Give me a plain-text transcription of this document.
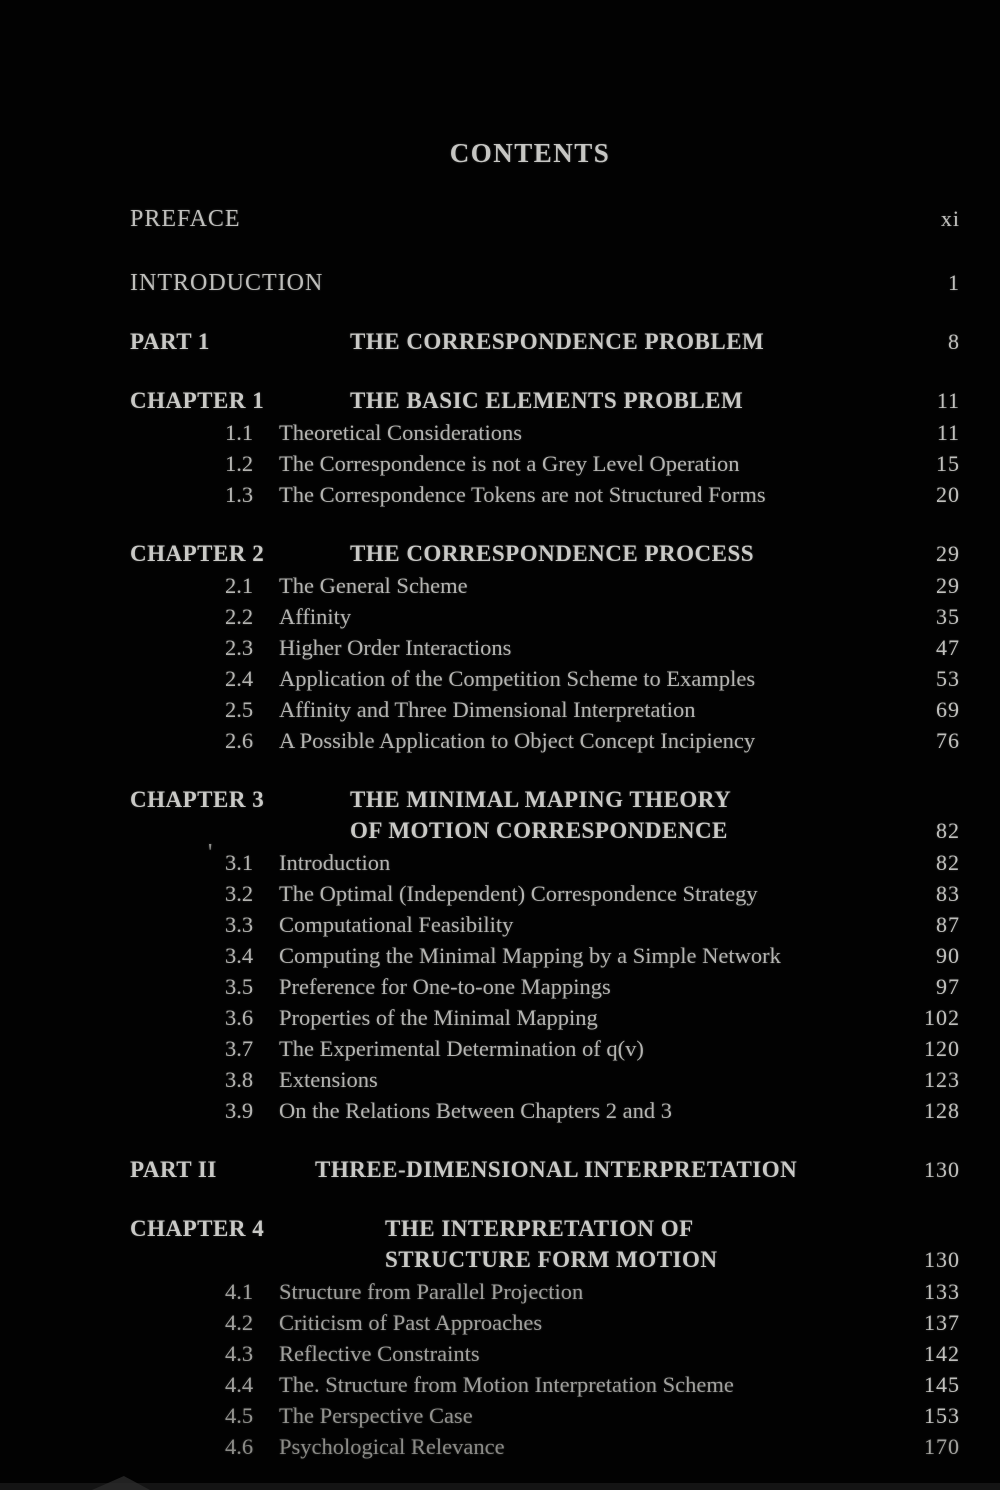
CONTENTS
PREFACE	xi
INTRODUCTION	1
PART 1	THE CORRESPONDENCE PROBLEM	8
CHAPTER 1	THE BASIC ELEMENTS PROBLEM	11
1.1	Theoretical Considerations	11
1.2	The Correspondence is not a Grey Level Operation	15
1.3	The Correspondence Tokens are not Structured Forms	20
CHAPTER 2	THE CORRESPONDENCE PROCESS	29
2.1	The General Scheme	29
2.2	Affinity	35
2.3	Higher Order Interactions	47
2.4	Application of the Competition Scheme to Examples	53
2.5	Affinity and Three Dimensional Interpretation	69
2.6	A Possible Application to Object Concept Incipiency	76
CHAPTER 3	THE MINIMAL MAPING THEORY
OF MOTION CORRESPONDENCE	82
3.1	Introduction	82
3.2	The Optimal (Independent) Correspondence Strategy	83
3.3	Computational Feasibility	87
3.4	Computing the Minimal Mapping by a Simple Network	90
3.5	Preference for One-to-one Mappings	97
3.6	Properties of the Minimal Mapping	102
3.7	The Experimental Determination of q(v)	120
3.8	Extensions	123
3.9	On the Relations Between Chapters 2 and 3	128
PART II	THREE-DIMENSIONAL INTERPRETATION	130
CHAPTER 4	THE INTERPRETATION OF
STRUCTURE FORM MOTION	130
4.1	Structure from Parallel Projection	133
4.2	Criticism of Past Approaches	137
4.3	Reflective Constraints	142
4.4	The. Structure from Motion Interpretation Scheme	145
4.5	The Perspective Case	153
4.6	Psychological Relevance	170
'
